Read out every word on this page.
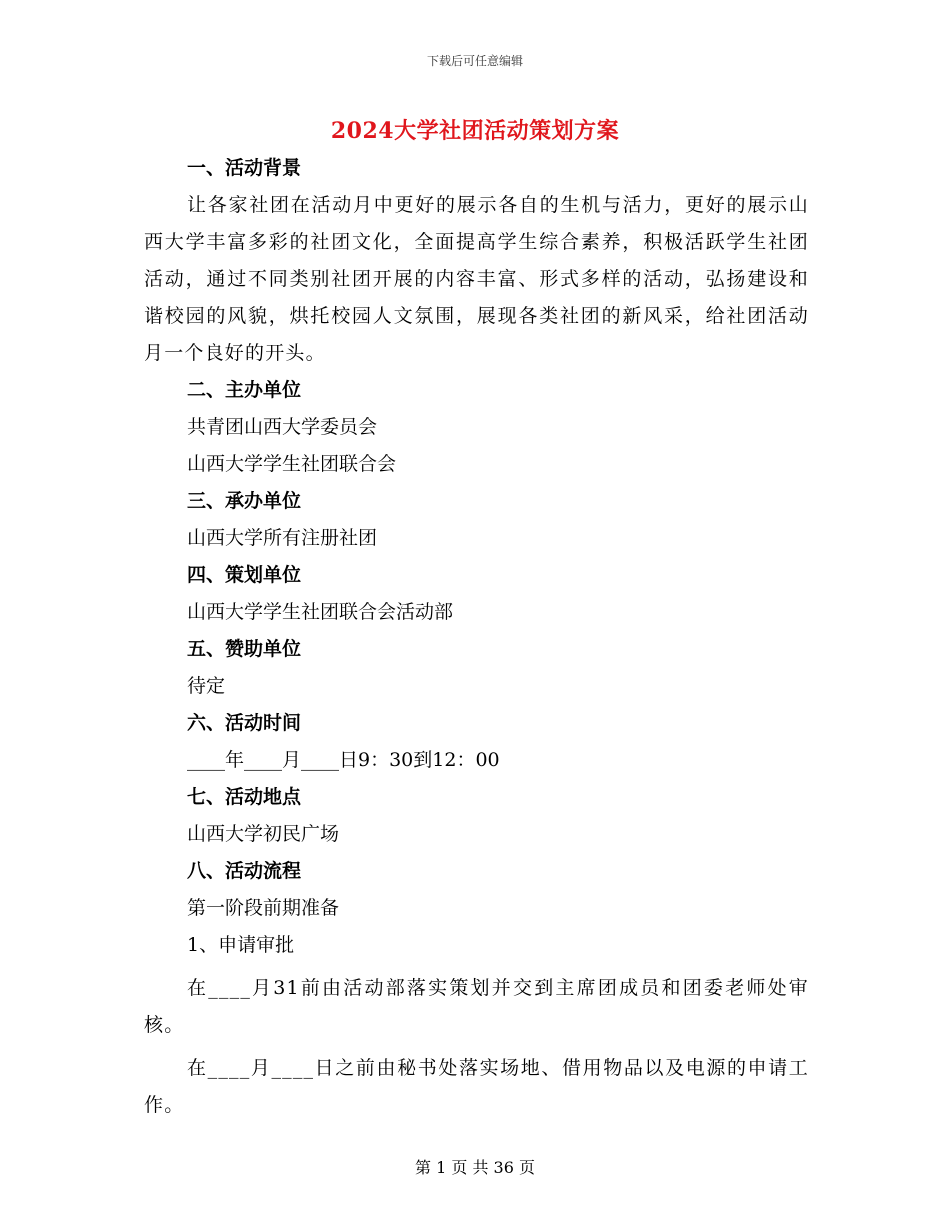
下载后可任意编辑
2024大学社团活动策划方案

一、活动背景

让各家社团在活动月中更好的展示各自的生机与活力，更好的展示山西大学丰富多彩的社团文化，全面提高学生综合素养，积极活跃学生社团活动，通过不同类别社团开展的内容丰富、形式多样的活动，弘扬建设和谐校园的风貌，烘托校园人文氛围，展现各类社团的新风采，给社团活动月一个良好的开头。

二、主办单位

共青团山西大学委员会

山西大学学生社团联合会

三、承办单位

山西大学所有注册社团

四、策划单位

山西大学学生社团联合会活动部

五、赞助单位

待定

六、活动时间

____年____月____日9：30到12：00

七、活动地点

山西大学初民广场

八、活动流程

第一阶段前期准备

1、申请审批

在____月31前由活动部落实策划并交到主席团成员和团委老师处审核。

在____月____日之前由秘书处落实场地、借用物品以及电源的申请工作。

第 1 页 共 36 页
